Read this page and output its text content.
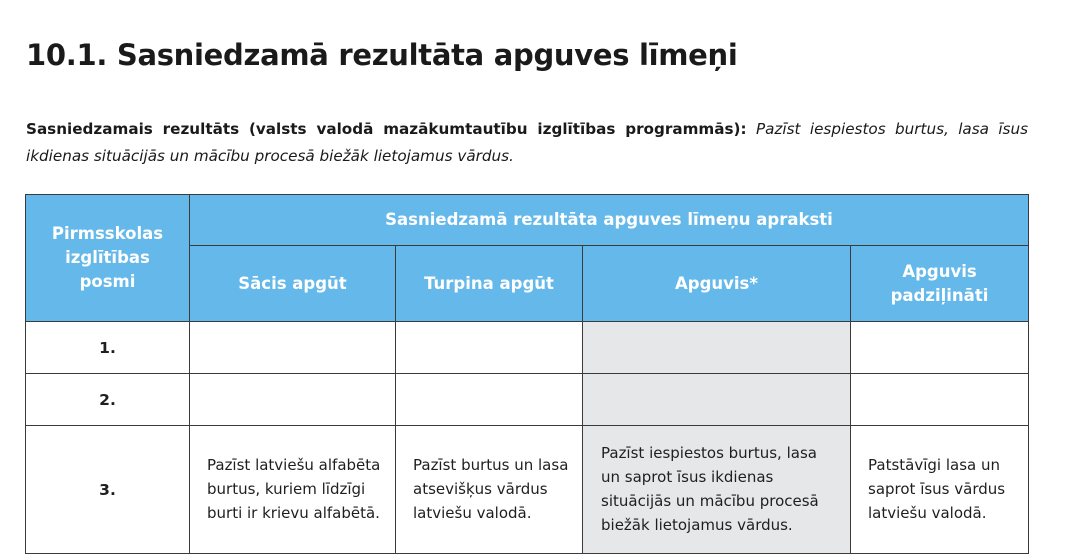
10.1. Sasniedzamā rezultāta apguves līmeņi

Sasniedzamais rezultāts (valsts valodā mazākumtautību izglītības programmās): Pazīst iespiestos burtus, lasa īsus ikdienas situācijās un mācību procesā biežāk lietojamus vārdus.

Pirmsskolas izglītības posmi	Sasniedzamā rezultāta apguves līmeņu apraksti			
	Sācis apgūt	Turpina apgūt	Apguvis*	Apguvis padziļināti
1.				
2.				
3.	Pazīst latviešu alfabēta burtus, kuriem līdzīgi burti ir krievu alfabētā.	Pazīst burtus un lasa atsevišķus vārdus latviešu valodā.	Pazīst iespiestos burtus, lasa un saprot īsus ikdienas situācijās un mācību procesā biežāk lietojamus vārdus.	Patstāvīgi lasa un saprot īsus vārdus latviešu valodā.
